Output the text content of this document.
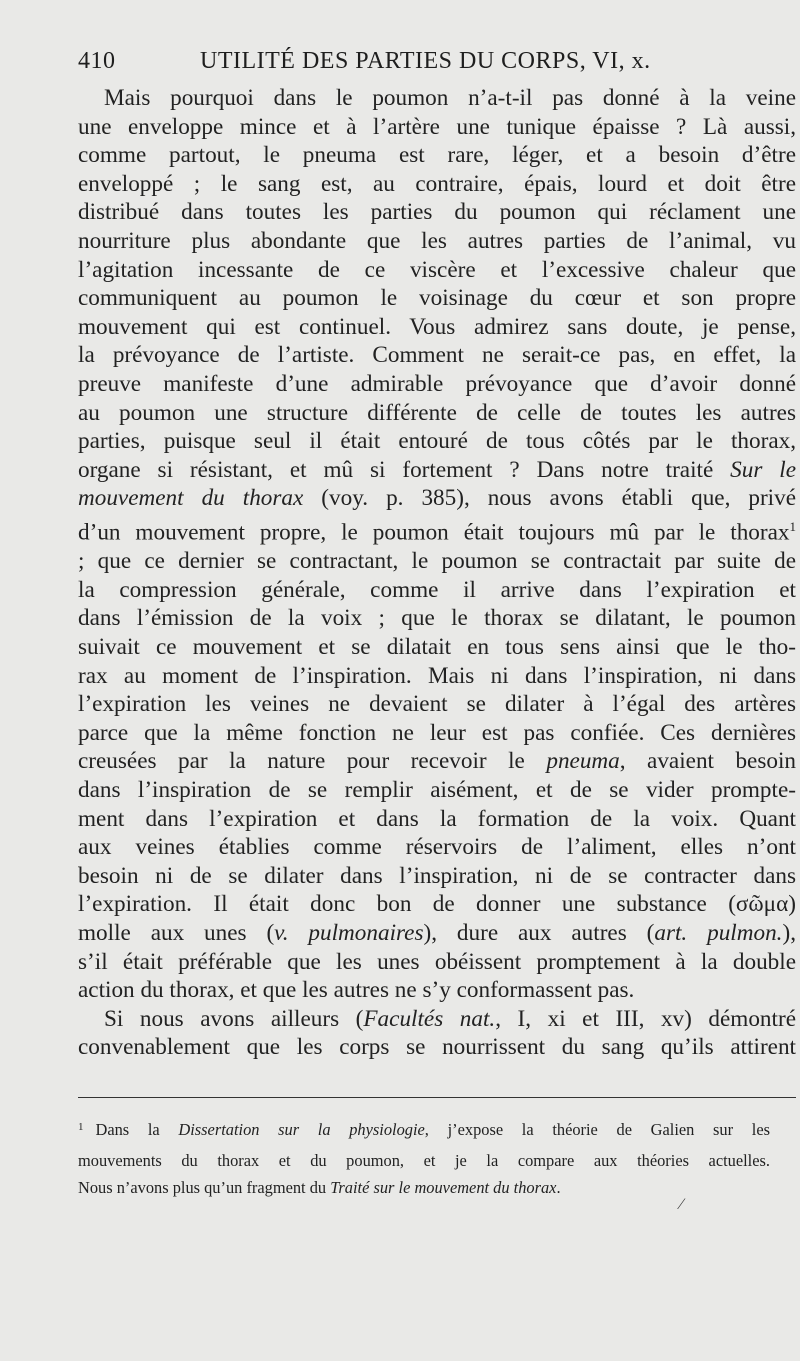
410	UTILITÉ DES PARTIES DU CORPS, VI, x.
Mais pourquoi dans le poumon n’a-t-il pas donné à la veine
une enveloppe mince et à l’artère une tunique épaisse ? Là aussi,
comme partout, le pneuma est rare, léger, et a besoin d’être
enveloppé ; le sang est, au contraire, épais, lourd et doit être
distribué dans toutes les parties du poumon qui réclament une
nourriture plus abondante que les autres parties de l’animal, vu
l’agitation incessante de ce viscère et l’excessive chaleur que
communiquent au poumon le voisinage du cœur et son propre
mouvement qui est continuel. Vous admirez sans doute, je pense,
la prévoyance de l’artiste. Comment ne serait-ce pas, en effet, la
preuve manifeste d’une admirable prévoyance que d’avoir donné
au poumon une structure différente de celle de toutes les autres
parties, puisque seul il était entouré de tous côtés par le thorax,
organe si résistant, et mû si fortement ? Dans notre traité Sur le
mouvement du thorax (voy. p. 385), nous avons établi que, privé
d’un mouvement propre, le poumon était toujours mû par le thorax$^1$
; que ce dernier se contractant, le poumon se contractait par suite de
la compression générale, comme il arrive dans l’expiration et
dans l’émission de la voix ; que le thorax se dilatant, le poumon
suivait ce mouvement et se dilatait en tous sens ainsi que le tho-
rax au moment de l’inspiration. Mais ni dans l’inspiration, ni dans
l’expiration les veines ne devaient se dilater à l’égal des artères
parce que la même fonction ne leur est pas confiée. Ces dernières
creusées par la nature pour recevoir le pneuma, avaient besoin
dans l’inspiration de se remplir aisément, et de se vider prompte-
ment dans l’expiration et dans la formation de la voix. Quant
aux veines établies comme réservoirs de l’aliment, elles n’ont
besoin ni de se dilater dans l’inspiration, ni de se contracter dans
l’expiration. Il était donc bon de donner une substance (σῶμα)
molle aux unes (v. pulmonaires), dure aux autres (art. pulmon.),
s’il était préférable que les unes obéissent promptement à la double
action du thorax, et que les autres ne s’y conformassent pas.
Si nous avons ailleurs (Facultés nat., I, xi et III, xv) démontré
convenablement que les corps se nourrissent du sang qu’ils attirent
$^1$ Dans la Dissertation sur la physiologie, j’expose la théorie de Galien sur les
mouvements du thorax et du poumon, et je la compare aux théories actuelles.
Nous n’avons plus qu’un fragment du Traité sur le mouvement du thorax.
⁄
